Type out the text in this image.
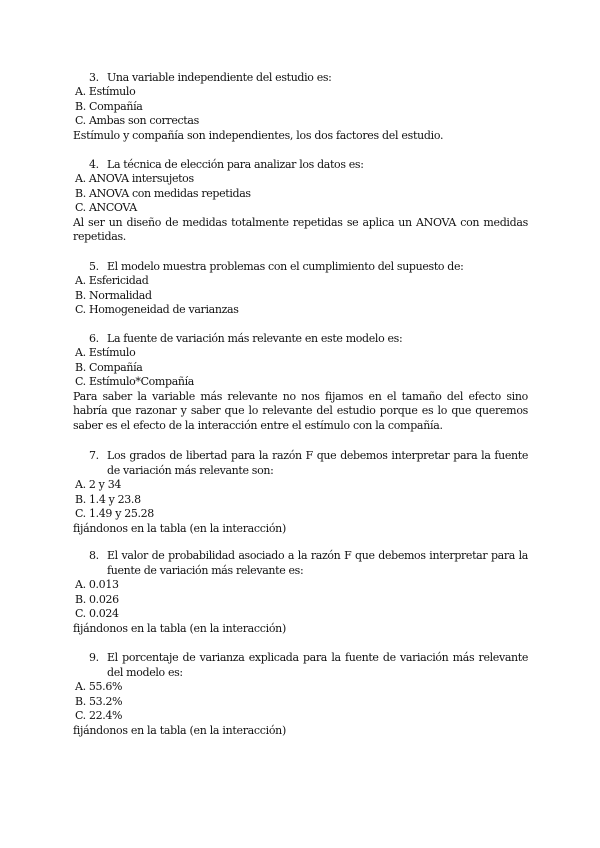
3. Una variable independiente del estudio es:
A. Estímulo
B. Compañía
C. Ambas son correctas
Estímulo y compañía son independientes, los dos factores del estudio.
4. La técnica de elección para analizar los datos es:
A. ANOVA intersujetos
B. ANOVA con medidas repetidas
C. ANCOVA
Al ser un diseño de medidas totalmente repetidas se aplica un ANOVA con medidas repetidas.
5. El modelo muestra problemas con el cumplimiento del supuesto de:
A. Esfericidad
B. Normalidad
C. Homogeneidad de varianzas
6. La fuente de variación más relevante en este modelo es:
A. Estímulo
B. Compañía
C. Estímulo*Compañía
Para saber la variable más relevante no nos fijamos en el tamaño del efecto sino habría que razonar y saber que lo relevante del estudio porque es lo que queremos saber es el efecto de la interacción entre el estímulo con la compañía.
7. Los grados de libertad para la razón F que debemos interpretar para la fuente de variación más relevante son:
A. 2 y 34
B. 1.4 y 23.8
C. 1.49 y 25.28
fijándonos en la tabla (en la interacción)
8. El valor de probabilidad asociado a la razón F que debemos interpretar para la fuente de variación más relevante es:
A. 0.013
B. 0.026
C. 0.024
fijándonos en la tabla (en la interacción)
9. El porcentaje de varianza explicada para la fuente de variación más relevante del modelo es:
A. 55.6%
B. 53.2%
C. 22.4%
fijándonos en la tabla (en la interacción)
